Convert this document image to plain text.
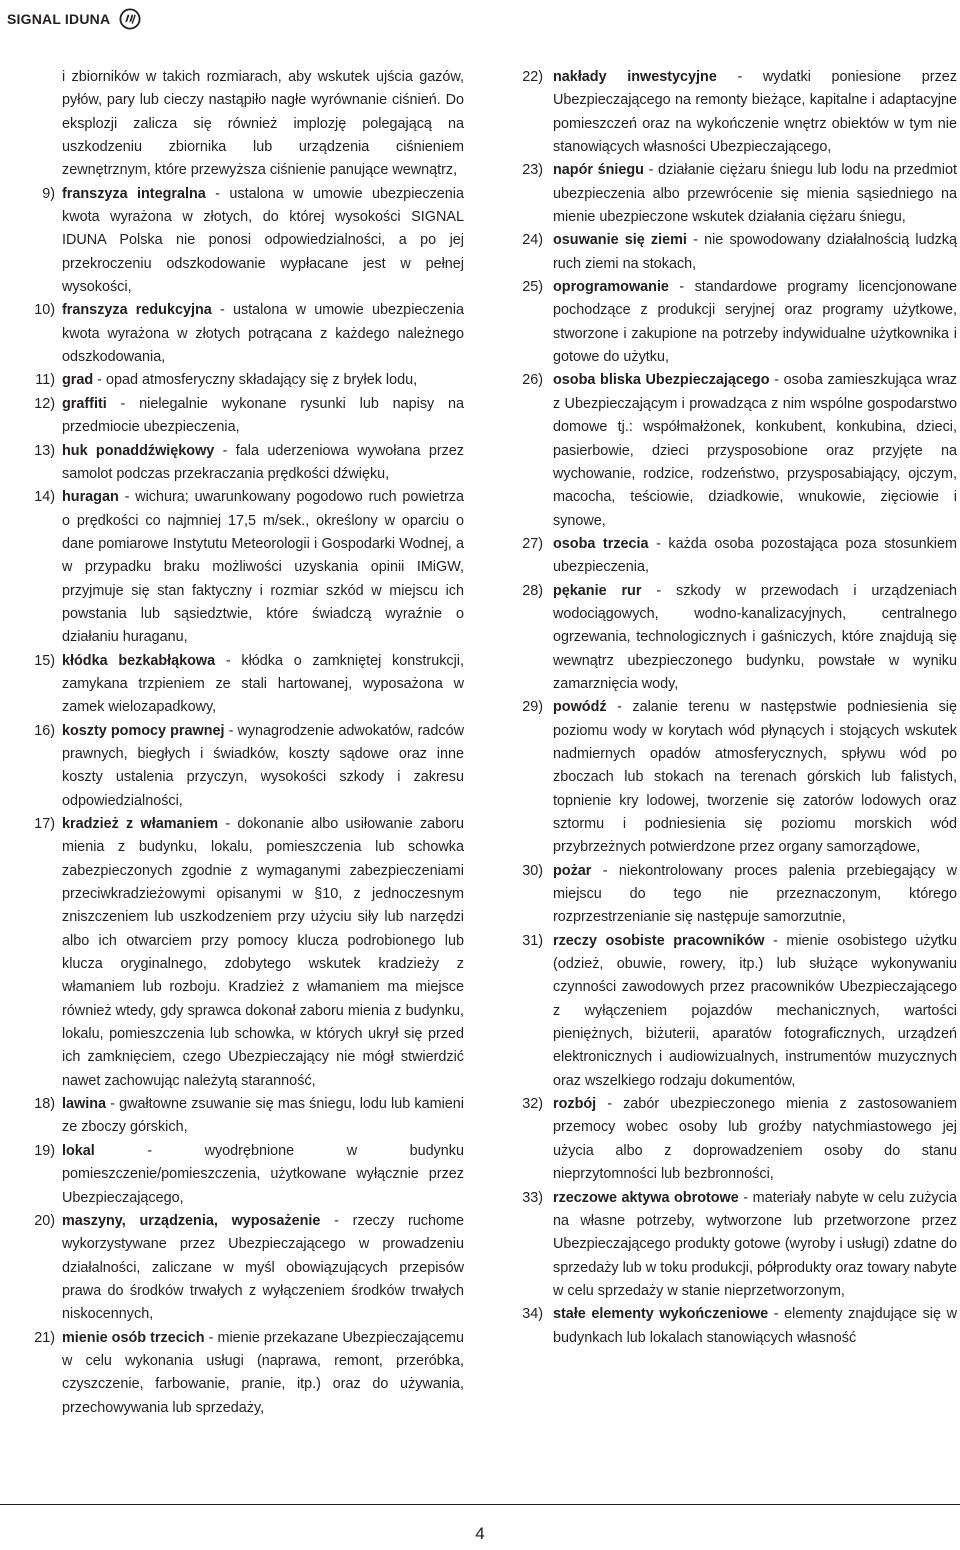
SIGNAL IDUNA
i zbiorników w takich rozmiarach, aby wskutek ujścia gazów, pyłów, pary lub cieczy nastąpiło nagłe wyrównanie ciśnień. Do eksplozji zalicza się również implozję polegającą na uszkodzeniu zbiornika lub urządzenia ciśnieniem zewnętrznym, które przewyższa ciśnienie panujące wewnątrz,
9) franszyza integralna - ustalona w umowie ubezpieczenia kwota wyrażona w złotych, do której wysokości SIGNAL IDUNA Polska nie ponosi odpowiedzialności, a po jej przekroczeniu odszkodowanie wypłacane jest w pełnej wysokości,
10) franszyza redukcyjna - ustalona w umowie ubezpieczenia kwota wyrażona w złotych potrącana z każdego należnego odszkodowania,
11) grad - opad atmosferyczny składający się z bryłek lodu,
12) graffiti - nielegalnie wykonane rysunki lub napisy na przedmiocie ubezpieczenia,
13) huk ponaddźwiękowy - fala uderzeniowa wywołana przez samolot podczas przekraczania prędkości dźwięku,
14) huragan - wichura; uwarunkowany pogodowo ruch powietrza o prędkości co najmniej 17,5 m/sek., określony w oparciu o dane pomiarowe Instytutu Meteorologii i Gospodarki Wodnej, a w przypadku braku możliwości uzyskania opinii IMiGW, przyjmuje się stan faktyczny i rozmiar szkód w miejscu ich powstania lub sąsiedztwie, które świadczą wyraźnie o działaniu huraganu,
15) kłódka bezkabłąkowa - kłódka o zamkniętej konstrukcji, zamykana trzpieniem ze stali hartowanej, wyposażona w zamek wielozapadkowy,
16) koszty pomocy prawnej - wynagrodzenie adwokatów, radców prawnych, biegłych i świadków, koszty sądowe oraz inne koszty ustalenia przyczyn, wysokości szkody i zakresu odpowiedzialności,
17) kradzież z włamaniem - dokonanie albo usiłowanie zaboru mienia z budynku, lokalu, pomieszczenia lub schowka zabezpieczonych zgodnie z wymaganymi zabezpieczeniami przeciwkradzieżowymi opisanymi w §10, z jednoczesnym zniszczeniem lub uszkodzeniem przy użyciu siły lub narzędzi albo ich otwarciem przy pomocy klucza podrobionego lub klucza oryginalnego, zdobytego wskutek kradzieży z włamaniem lub rozboju. Kradzież z włamaniem ma miejsce również wtedy, gdy sprawca dokonał zaboru mienia z budynku, lokalu, pomieszczenia lub schowka, w których ukrył się przed ich zamknięciem, czego Ubezpieczający nie mógł stwierdzić nawet zachowując należytą staranność,
18) lawina - gwałtowne zsuwanie się mas śniegu, lodu lub kamieni ze zboczy górskich,
19) lokal - wyodrębnione w budynku pomieszczenie/pomieszczenia, użytkowane wyłącznie przez Ubezpieczającego,
20) maszyny, urządzenia, wyposażenie - rzeczy ruchome wykorzystywane przez Ubezpieczającego w prowadzeniu działalności, zaliczane w myśl obowiązujących przepisów prawa do środków trwałych z wyłączeniem środków trwałych niskocennych,
21) mienie osób trzecich - mienie przekazane Ubezpieczającemu w celu wykonania usługi (naprawa, remont, przeróbka, czyszczenie, farbowanie, pranie, itp.) oraz do używania, przechowywania lub sprzedaży,
22) nakłady inwestycyjne - wydatki poniesione przez Ubezpieczającego na remonty bieżące, kapitalne i adaptacyjne pomieszczeń oraz na wykończenie wnętrz obiektów w tym nie stanowiących własności Ubezpieczającego,
23) napór śniegu - działanie ciężaru śniegu lub lodu na przedmiot ubezpieczenia albo przewrócenie się mienia sąsiedniego na mienie ubezpieczone wskutek działania ciężaru śniegu,
24) osuwanie się ziemi - nie spowodowany działalnością ludzką ruch ziemi na stokach,
25) oprogramowanie - standardowe programy licencjonowane pochodzące z produkcji seryjnej oraz programy użytkowe, stworzone i zakupione na potrzeby indywidualne użytkownika i gotowe do użytku,
26) osoba bliska Ubezpieczającego - osoba zamieszkująca wraz z Ubezpieczającym i prowadząca z nim wspólne gospodarstwo domowe tj.: współmałżonek, konkubent, konkubina, dzieci, pasierbowie, dzieci przysposobione oraz przyjęte na wychowanie, rodzice, rodzeństwo, przysposabiający, ojczym, macocha, teściowie, dziadkowie, wnukowie, zięciowie i synowe,
27) osoba trzecia - każda osoba pozostająca poza stosunkiem ubezpieczenia,
28) pękanie rur - szkody w przewodach i urządzeniach wodociągowych, wodno-kanalizacyjnych, centralnego ogrzewania, technologicznych i gaśniczych, które znajdują się wewnątrz ubezpieczonego budynku, powstałe w wyniku zamarznięcia wody,
29) powódź - zalanie terenu w następstwie podniesienia się poziomu wody w korytach wód płynących i stojących wskutek nadmiernych opadów atmosferycznych, spływu wód po zboczach lub stokach na terenach górskich lub falistych, topnienie kry lodowej, tworzenie się zatorów lodowych oraz sztormu i podniesienia się poziomu morskich wód przybrzeżnych potwierdzone przez organy samorządowe,
30) pożar - niekontrolowany proces palenia przebiegający w miejscu do tego nie przeznaczonym, którego rozprzestrzenianie się następuje samorzutnie,
31) rzeczy osobiste pracowników - mienie osobistego użytku (odzież, obuwie, rowery, itp.) lub służące wykonywaniu czynności zawodowych przez pracowników Ubezpieczającego z wyłączeniem pojazdów mechanicznych, wartości pieniężnych, biżuterii, aparatów fotograficznych, urządzeń elektronicznych i audiowizualnych, instrumentów muzycznych oraz wszelkiego rodzaju dokumentów,
32) rozbój - zabór ubezpieczonego mienia z zastosowaniem przemocy wobec osoby lub groźby natychmiastowego jej użycia albo z doprowadzeniem osoby do stanu nieprzytomności lub bezbronności,
33) rzeczowe aktywa obrotowe - materiały nabyte w celu zużycia na własne potrzeby, wytworzone lub przetworzone przez Ubezpieczającego produkty gotowe (wyroby i usługi) zdatne do sprzedaży lub w toku produkcji, półprodukty oraz towary nabyte w celu sprzedaży w stanie nieprzetworzonym,
34) stałe elementy wykończeniowe - elementy znajdujące się w budynkach lub lokalach stanowiących własność
4
